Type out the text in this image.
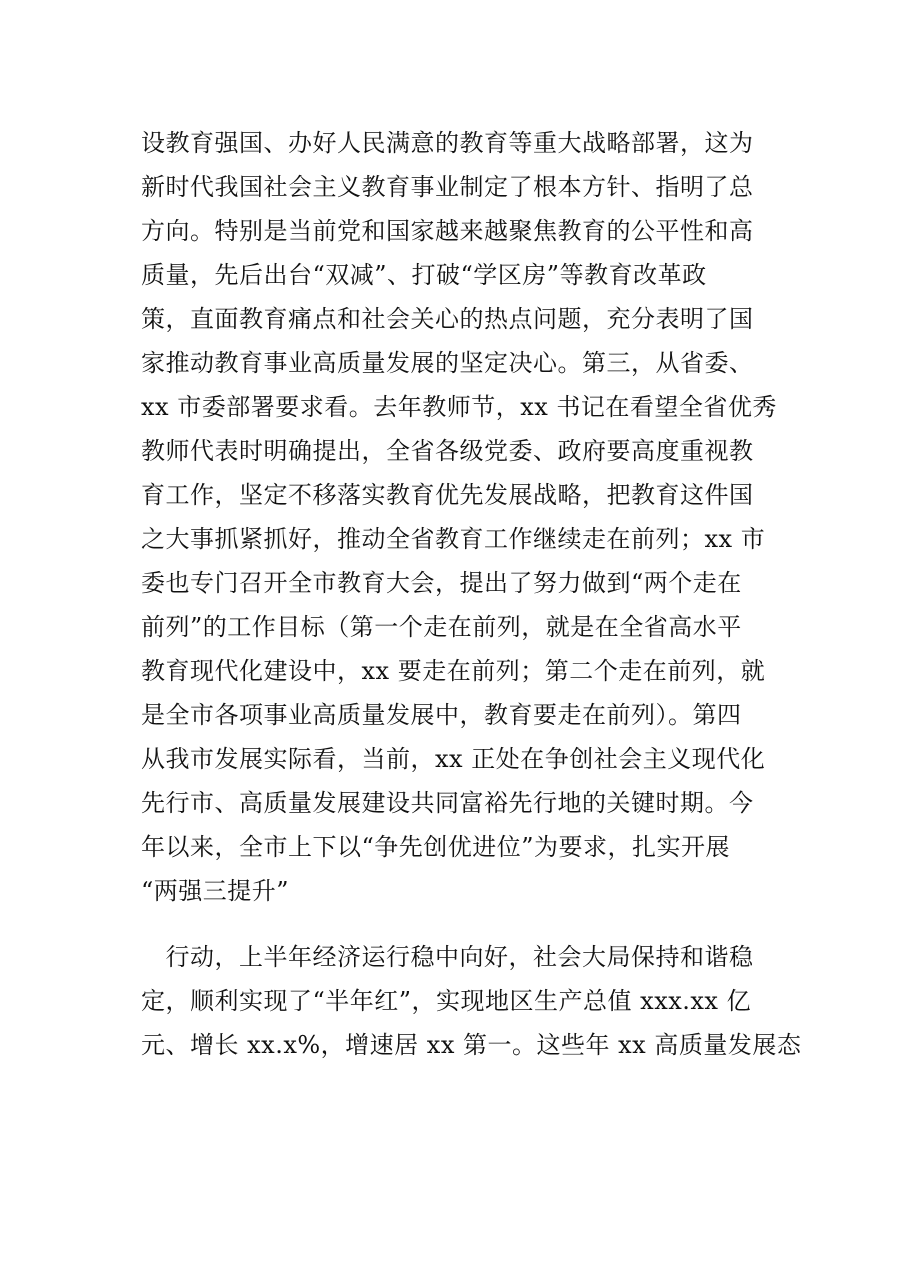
设教育强国、办好人民满意的教育等重大战略部署，这为
新时代我国社会主义教育事业制定了根本方针、指明了总
方向。特别是当前党和国家越来越聚焦教育的公平性和高
质量，先后出台“双减”、打破“学区房”等教育改革政
策，直面教育痛点和社会关心的热点问题，充分表明了国
家推动教育事业高质量发展的坚定决心。第三，从省委、
xx 市委部署要求看。去年教师节，xx 书记在看望全省优秀
教师代表时明确提出，全省各级党委、政府要高度重视教
育工作，坚定不移落实教育优先发展战略，把教育这件国
之大事抓紧抓好，推动全省教育工作继续走在前列；xx 市
委也专门召开全市教育大会，提出了努力做到“两个走在
前列”的工作目标（第一个走在前列，就是在全省高水平
教育现代化建设中，xx 要走在前列；第二个走在前列，就
是全市各项事业高质量发展中，教育要走在前列）。第四
从我市发展实际看，当前，xx 正处在争创社会主义现代化
先行市、高质量发展建设共同富裕先行地的关键时期。今
年以来，全市上下以“争先创优进位”为要求，扎实开展
“两强三提升”
　行动，上半年经济运行稳中向好，社会大局保持和谐稳
定，顺利实现了“半年红”，实现地区生产总值 xxx.xx 亿
元、增长 xx.x%，增速居 xx 第一。这些年 xx 高质量发展态
